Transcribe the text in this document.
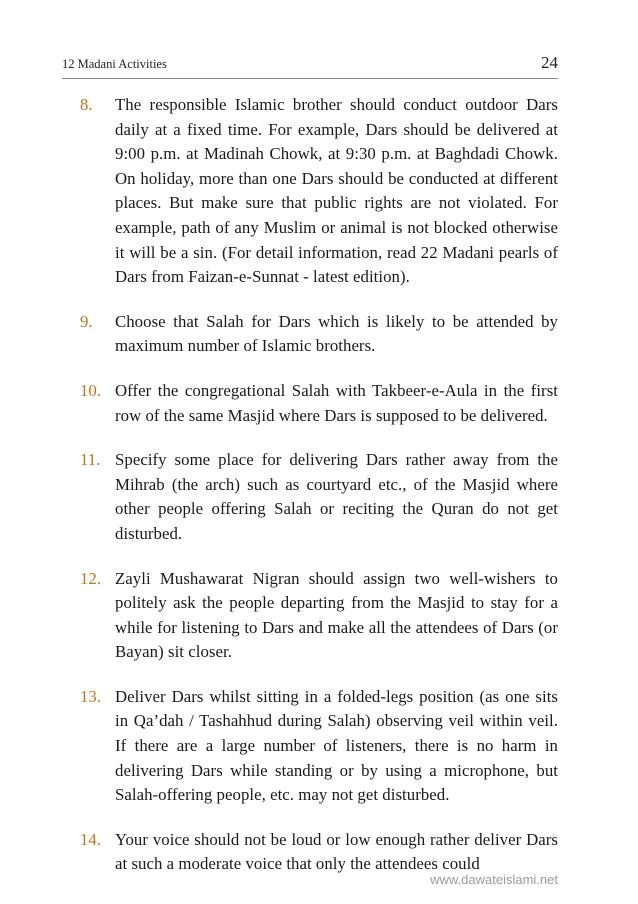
12 Madani Activities	24
8. The responsible Islamic brother should conduct outdoor Dars daily at a fixed time. For example, Dars should be delivered at 9:00 p.m. at Madinah Chowk, at 9:30 p.m. at Baghdadi Chowk. On holiday, more than one Dars should be conducted at different places. But make sure that public rights are not violated. For example, path of any Muslim or animal is not blocked otherwise it will be a sin. (For detail information, read 22 Madani pearls of Dars from Faizan-e-Sunnat - latest edition).

9. Choose that Salah for Dars which is likely to be attended by maximum number of Islamic brothers.

10. Offer the congregational Salah with Takbeer-e-Aula in the first row of the same Masjid where Dars is supposed to be delivered.

11. Specify some place for delivering Dars rather away from the Mihrab (the arch) such as courtyard etc., of the Masjid where other people offering Salah or reciting the Quran do not get disturbed.

12. Zayli Mushawarat Nigran should assign two well-wishers to politely ask the people departing from the Masjid to stay for a while for listening to Dars and make all the attendees of Dars (or Bayan) sit closer.

13. Deliver Dars whilst sitting in a folded-legs position (as one sits in Qa’dah / Tashahhud during Salah) observing veil within veil. If there are a large number of listeners, there is no harm in delivering Dars while standing or by using a microphone, but Salah-offering people, etc. may not get disturbed.

14. Your voice should not be loud or low enough rather deliver Dars at such a moderate voice that only the attendees could

www.dawateislami.net
